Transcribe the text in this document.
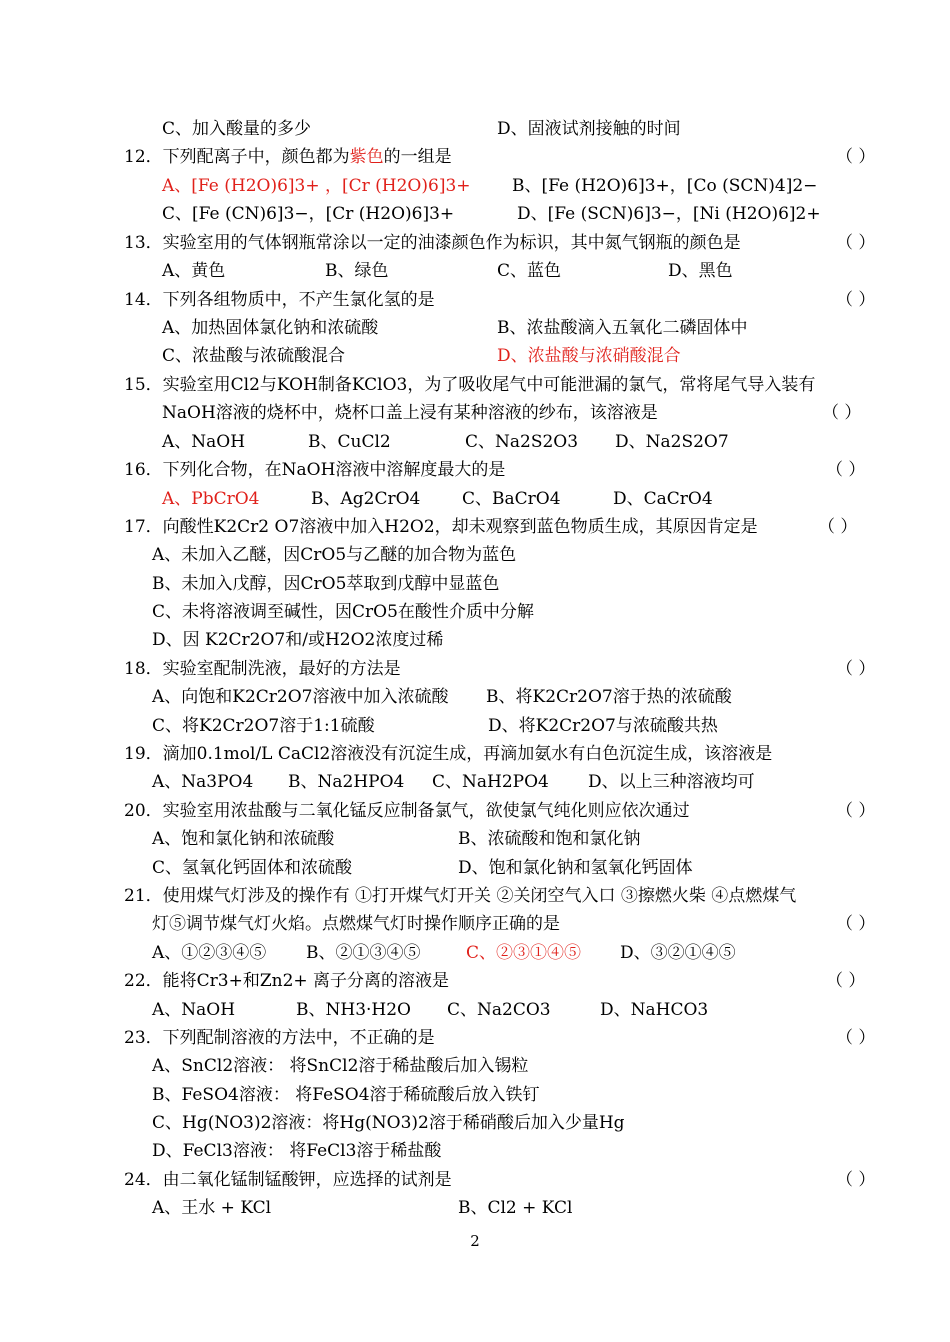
C、加入酸量的多少	D、固液试剂接触的时间
12．下列配离子中，颜色都为紫色的一组是	（ ）
A、[Fe (H2O)6]3+ ，[Cr (H2O)6]3+ B、[Fe (H2O)6]3+，[Co (SCN)4]2−
C、[Fe (CN)6]3−，[Cr (H2O)6]3+	D、[Fe (SCN)6]3−，[Ni (H2O)6]2+
13．实验室用的气体钢瓶常涂以一定的油漆颜色作为标识，其中氮气钢瓶的颜色是	（ ）
A、黄色	B、绿色	C、蓝色	D、黑色
14．下列各组物质中，不产生氯化氢的是	（ ）
A、加热固体氯化钠和浓硫酸	B、浓盐酸滴入五氧化二磷固体中
C、浓盐酸与浓硫酸混合	D、浓盐酸与浓硝酸混合
15．实验室用Cl2与KOH制备KClO3，为了吸收尾气中可能泄漏的氯气，常将尾气导入装有
NaOH溶液的烧杯中，烧杯口盖上浸有某种溶液的纱布，该溶液是	（ ）
A、NaOH	B、CuCl2	C、Na2S2O3 D、Na2S2O7
16．下列化合物，在NaOH溶液中溶解度最大的是	（ ）
A、PbCrO4	B、Ag2CrO4 C、BaCrO4	D、CaCrO4
17．向酸性K2Cr2 O7溶液中加入H2O2，却未观察到蓝色物质生成，其原因肯定是	（ ）
A、未加入乙醚，因CrO5与乙醚的加合物为蓝色
B、未加入戊醇，因CrO5萃取到戊醇中显蓝色
C、未将溶液调至碱性，因CrO5在酸性介质中分解
D、因 K2Cr2O7和/或H2O2浓度过稀
18．实验室配制洗液，最好的方法是	（ ）
A、向饱和K2Cr2O7溶液中加入浓硫酸 B、将K2Cr2O7溶于热的浓硫酸
C、将K2Cr2O7溶于1:1硫酸	D、将K2Cr2O7与浓硫酸共热
19．滴加0.1mol/L CaCl2溶液没有沉淀生成，再滴加氨水有白色沉淀生成，该溶液是
A、Na3PO4 B、Na2HPO4 C、NaH2PO4 D、以上三种溶液均可
20．实验室用浓盐酸与二氧化锰反应制备氯气，欲使氯气纯化则应依次通过	（ ）
A、饱和氯化钠和浓硫酸	B、浓硫酸和饱和氯化钠
C、氢氧化钙固体和浓硫酸	D、饱和氯化钠和氢氧化钙固体
21．使用煤气灯涉及的操作有 ①打开煤气灯开关 ②关闭空气入口 ③擦燃火柴 ④点燃煤气
灯⑤调节煤气灯火焰。点燃煤气灯时操作顺序正确的是	（ ）
A、①②③④⑤ B、②①③④⑤	C、②③①④⑤ D、③②①④⑤
22．能将Cr3+和Zn2+ 离子分离的溶液是	（ ）
A、NaOH	B、NH3·H2O C、Na2CO3	D、NaHCO3
23．下列配制溶液的方法中，不正确的是	（ ）
A、SnCl2溶液： 将SnCl2溶于稀盐酸后加入锡粒
B、FeSO4溶液： 将FeSO4溶于稀硫酸后放入铁钉
C、Hg(NO3)2溶液：将Hg(NO3)2溶于稀硝酸后加入少量Hg
D、FeCl3溶液： 将FeCl3溶于稀盐酸
24．由二氧化锰制锰酸钾，应选择的试剂是	（ ）
A、王水 + KCl	B、Cl2 + KCl
2
